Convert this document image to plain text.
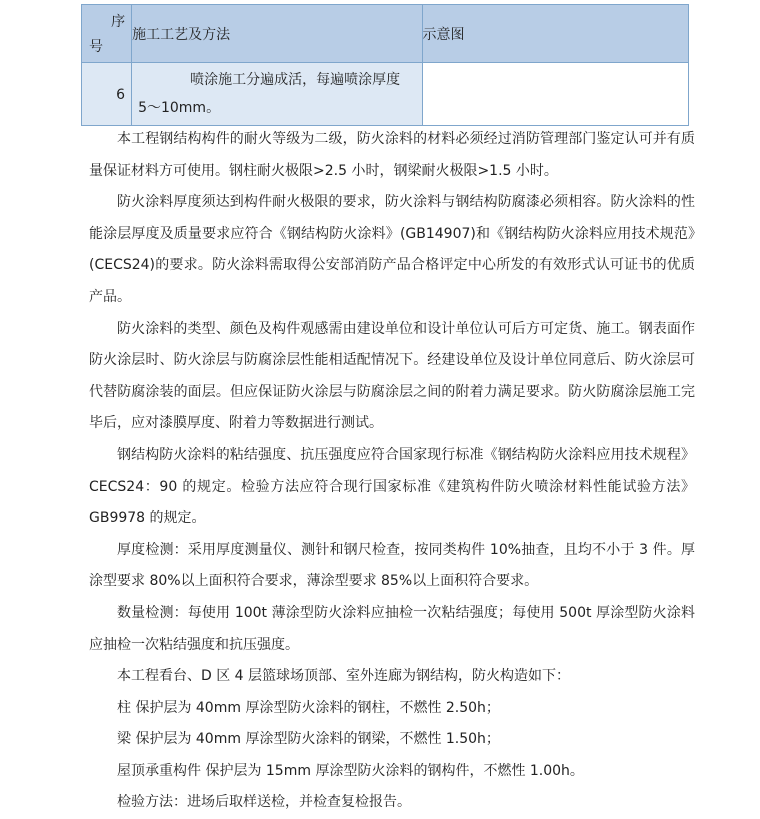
序
号	施工工艺及方法	示意图
6	喷涂施工分遍成活，每遍喷涂厚度
5～10mm。	

本工程钢结构构件的耐火等级为二级，防火涂料的材料必须经过消防管理部门鉴定认可并有质量保证材料方可使用。钢柱耐火极限>2.5 小时，钢梁耐火极限>1.5 小时。

防火涂料厚度须达到构件耐火极限的要求，防火涂料与钢结构防腐漆必须相容。防火涂料的性能涂层厚度及质量要求应符合《钢结构防火涂料》(GB14907)和《钢结构防火涂料应用技术规范》(CECS24)的要求。防火涂料需取得公安部消防产品合格评定中心所发的有效形式认可证书的优质产品。

防火涂料的类型、颜色及构件观感需由建设单位和设计单位认可后方可定货、施工。钢表面作防火涂层时、防火涂层与防腐涂层性能相适配情况下。经建设单位及设计单位同意后、防火涂层可代替防腐涂装的面层。但应保证防火涂层与防腐涂层之间的附着力满足要求。防火防腐涂层施工完毕后，应对漆膜厚度、附着力等数据进行测试。

钢结构防火涂料的粘结强度、抗压强度应符合国家现行标准《钢结构防火涂料应用技术规程》CECS24：90 的规定。检验方法应符合现行国家标准《建筑构件防火喷涂材料性能试验方法》GB9978 的规定。

厚度检测：采用厚度测量仪、测针和钢尺检查，按同类构件 10%抽查，且均不小于 3 件。厚涂型要求 80%以上面积符合要求，薄涂型要求 85%以上面积符合要求。

数量检测：每使用 100t 薄涂型防火涂料应抽检一次粘结强度；每使用 500t 厚涂型防火涂料应抽检一次粘结强度和抗压强度。

本工程看台、D 区 4 层篮球场顶部、室外连廊为钢结构，防火构造如下：

柱 保护层为 40mm 厚涂型防火涂料的钢柱，不燃性 2.50h；

梁 保护层为 40mm 厚涂型防火涂料的钢梁，不燃性 1.50h；

屋顶承重构件 保护层为 15mm 厚涂型防火涂料的钢构件，不燃性 1.00h。

检验方法：进场后取样送检，并检查复检报告。
